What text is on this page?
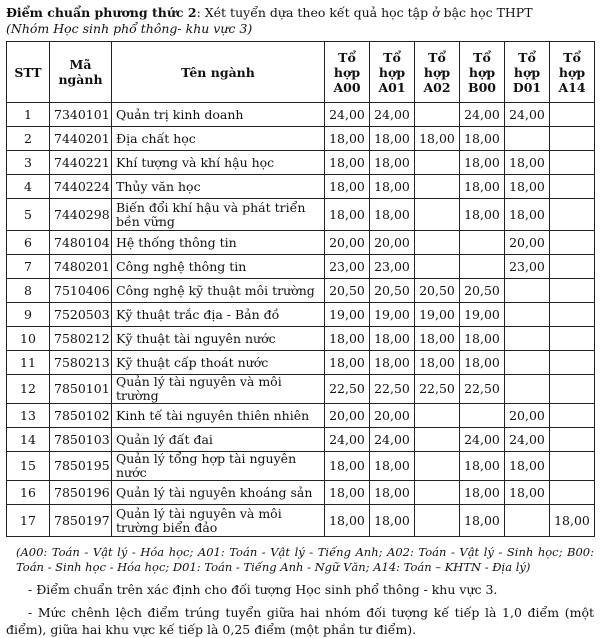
Điểm chuẩn phương thức 2: Xét tuyển dựa theo kết quả học tập ở bậc học THPT
(Nhóm Học sinh phổ thông- khu vực 3)
STT	Mã ngành	Tên ngành	Tổ hợp A00	Tổ hợp A01	Tổ hợp A02	Tổ hợp B00	Tổ hợp D01	Tổ hợp A14
1	7340101	Quản trị kinh doanh	24,00	24,00		24,00	24,00	
2	7440201	Địa chất học	18,00	18,00	18,00	18,00		
3	7440221	Khí tượng và khí hậu học	18,00	18,00		18,00	18,00	
4	7440224	Thủy văn học	18,00	18,00		18,00	18,00	
5	7440298	Biến đổi khí hậu và phát triển bền vững	18,00	18,00		18,00	18,00	
6	7480104	Hệ thống thông tin	20,00	20,00			20,00	
7	7480201	Công nghệ thông tin	23,00	23,00			23,00	
8	7510406	Công nghệ kỹ thuật môi trường	20,50	20,50	20,50	20,50		
9	7520503	Kỹ thuật trắc địa - Bản đồ	19,00	19,00	19,00	19,00		
10	7580212	Kỹ thuật tài nguyên nước	18,00	18,00	18,00	18,00		
11	7580213	Kỹ thuật cấp thoát nước	18,00	18,00	18,00	18,00		
12	7850101	Quản lý tài nguyên và môi trường	22,50	22,50	22,50	22,50		
13	7850102	Kinh tế tài nguyên thiên nhiên	20,00	20,00			20,00	
14	7850103	Quản lý đất đai	24,00	24,00		24,00	24,00	
15	7850195	Quản lý tổng hợp tài nguyên nước	18,00	18,00		18,00	18,00	
16	7850196	Quản lý tài nguyên khoáng sản	18,00	18,00		18,00	18,00	
17	7850197	Quản lý tài nguyên và môi trường biển đảo	18,00	18,00		18,00		18,00
(A00: Toán - Vật lý - Hóa học; A01: Toán - Vật lý - Tiếng Anh; A02: Toán - Vật lý - Sinh học; B00: Toán - Sinh học - Hóa học; D01: Toán - Tiếng Anh - Ngữ Văn; A14: Toán – KHTN - Địa lý)
- Điểm chuẩn trên xác định cho đối tượng Học sinh phổ thông - khu vực 3.
- Mức chênh lệch điểm trúng tuyển giữa hai nhóm đối tượng kế tiếp là 1,0 điểm (một điểm), giữa hai khu vực kế tiếp là 0,25 điểm (một phần tư điểm).
